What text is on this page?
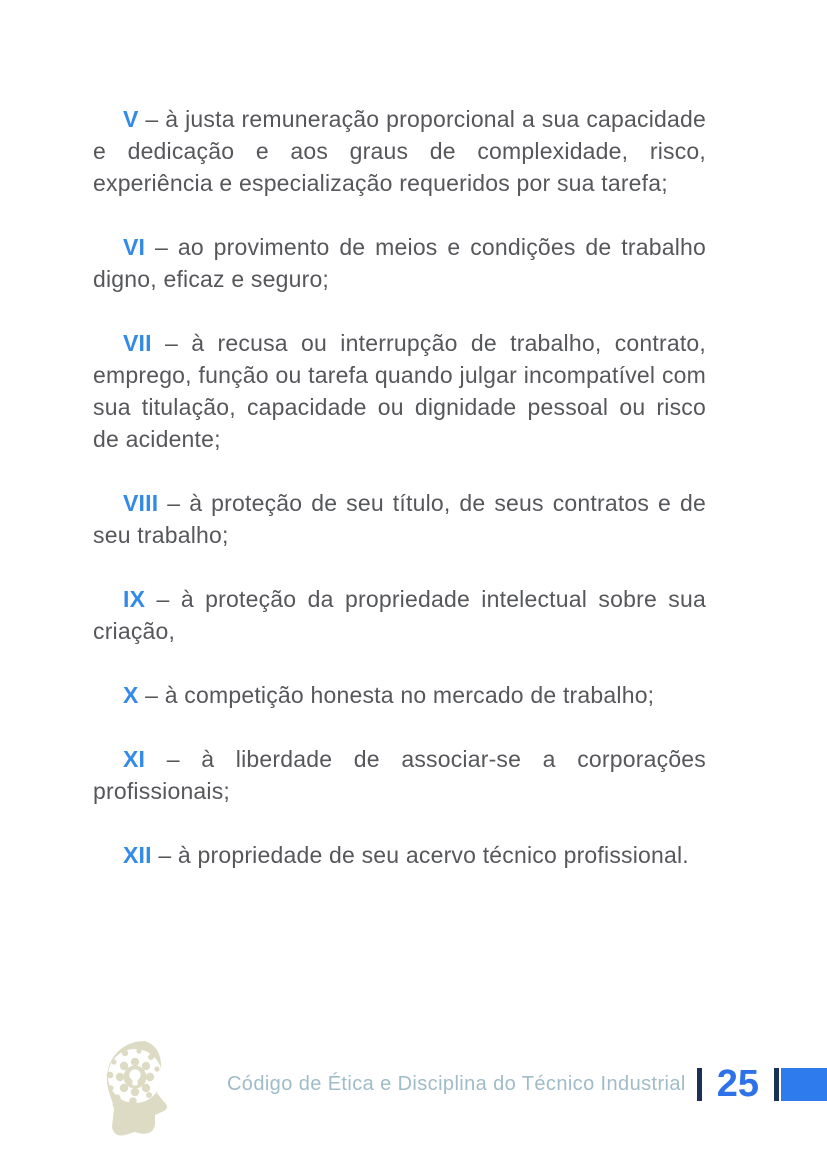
V – à justa remuneração proporcional a sua capacidade e dedicação e aos graus de complexidade, risco, experiência e especialização requeridos por sua tarefa;

VI – ao provimento de meios e condições de trabalho digno, eficaz e seguro;

VII – à recusa ou interrupção de trabalho, contrato, emprego, função ou tarefa quando julgar incompatível com sua titulação, capacidade ou dignidade pessoal ou risco de acidente;

VIII – à proteção de seu título, de seus contratos e de seu trabalho;

IX – à proteção da propriedade intelectual sobre sua criação,

X – à competição honesta no mercado de trabalho;

XI – à liberdade de associar-se a corporações profissionais;

XII – à propriedade de seu acervo técnico profissional.

Código de Ética e Disciplina do Técnico Industrial 25
